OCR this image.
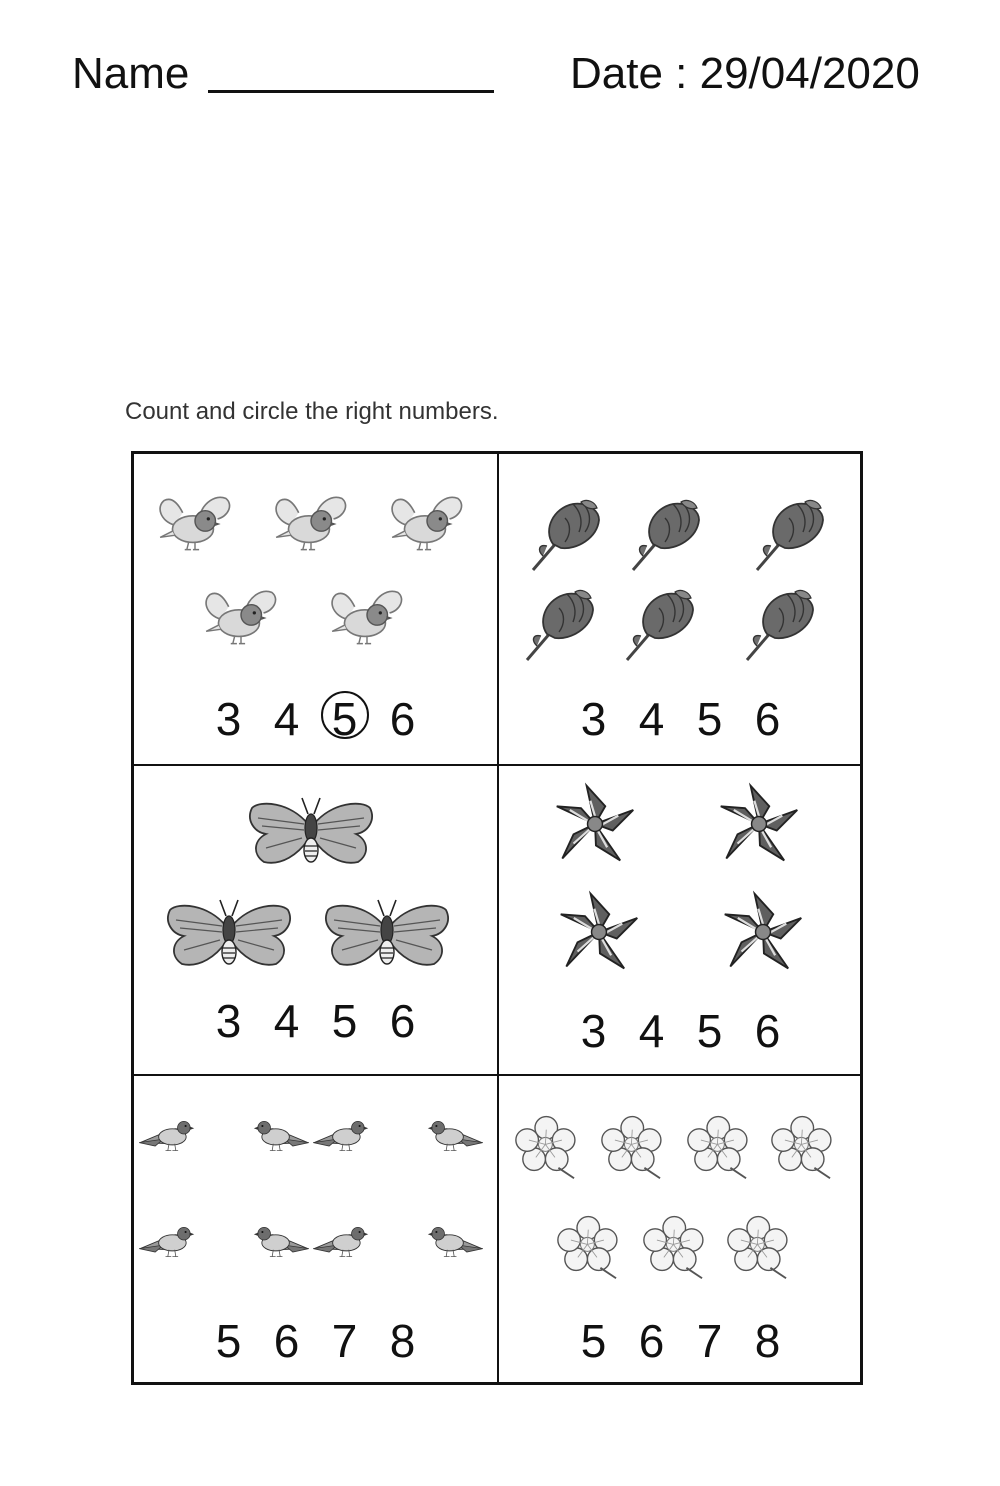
Name	Date : 29/04/2020
Count and circle the right numbers.
3 4 5 6	3 4 5 6
3 4 5 6	3 4 5 6
5 6 7 8	5 6 7 8
